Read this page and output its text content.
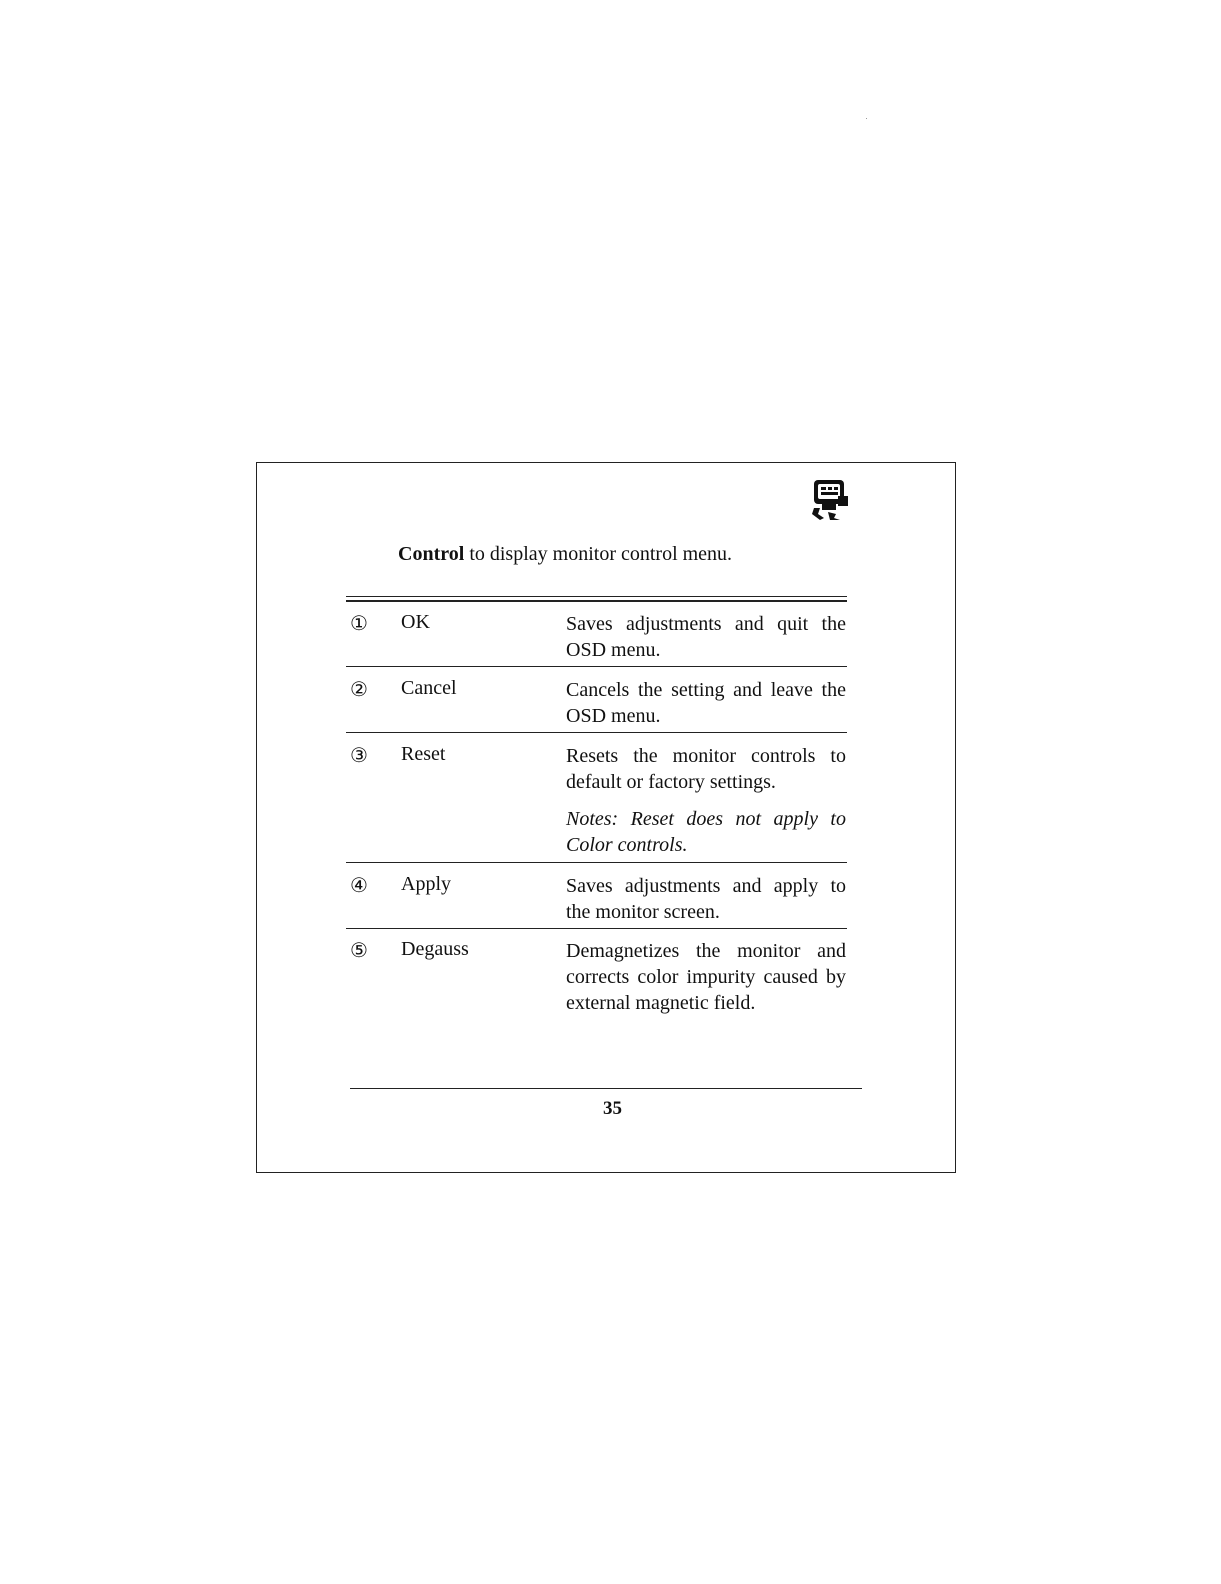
Control to display monitor control menu.
① OK	Saves adjustments and quit the OSD menu.

② Cancel	Cancels the setting and leave the OSD menu.

③ Reset	Resets the monitor controls to default or factory settings.

Notes: Reset does not apply to Color controls.

④ Apply	Saves adjustments and apply to the monitor screen.

⑤ Degauss	Demagnetizes the monitor and corrects color impurity caused by external magnetic field.

35
